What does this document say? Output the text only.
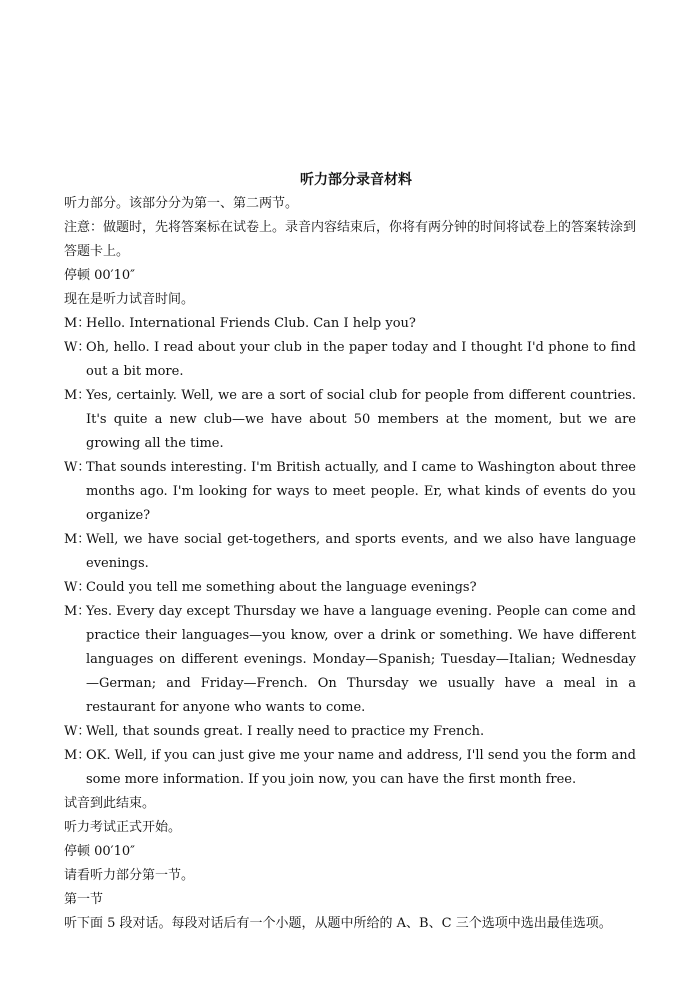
听力部分录音材料

听力部分。该部分分为第一、第二两节。

注意：做题时，先将答案标在试卷上。录音内容结束后，你将有两分钟的时间将试卷上的答案转涂到答题卡上。

停顿 00′10″

现在是听力试音时间。

M：Hello. International Friends Club. Can I help you?

W：Oh, hello. I read about your club in the paper today and I thought I'd phone to find out a bit more.

M：Yes, certainly. Well, we are a sort of social club for people from different countries. It's quite a new club—we have about 50 members at the moment, but we are growing all the time.

W：That sounds interesting. I'm British actually, and I came to Washington about three months ago. I'm looking for ways to meet people. Er, what kinds of events do you organize?

M：Well, we have social get-togethers, and sports events, and we also have language evenings.

W：Could you tell me something about the language evenings?

M：Yes. Every day except Thursday we have a language evening. People can come and practice their languages—you know, over a drink or something. We have different languages on different evenings. Monday—Spanish; Tuesday—Italian; Wednesday—German; and Friday—French. On Thursday we usually have a meal in a restaurant for anyone who wants to come.

W：Well, that sounds great. I really need to practice my French.

M：OK. Well, if you can just give me your name and address, I'll send you the form and some more information. If you join now, you can have the first month free.

试音到此结束。

听力考试正式开始。

停顿 00′10″

请看听力部分第一节。

第一节

听下面 5 段对话。每段对话后有一个小题，从题中所给的 A、B、C 三个选项中选出最佳选项。
